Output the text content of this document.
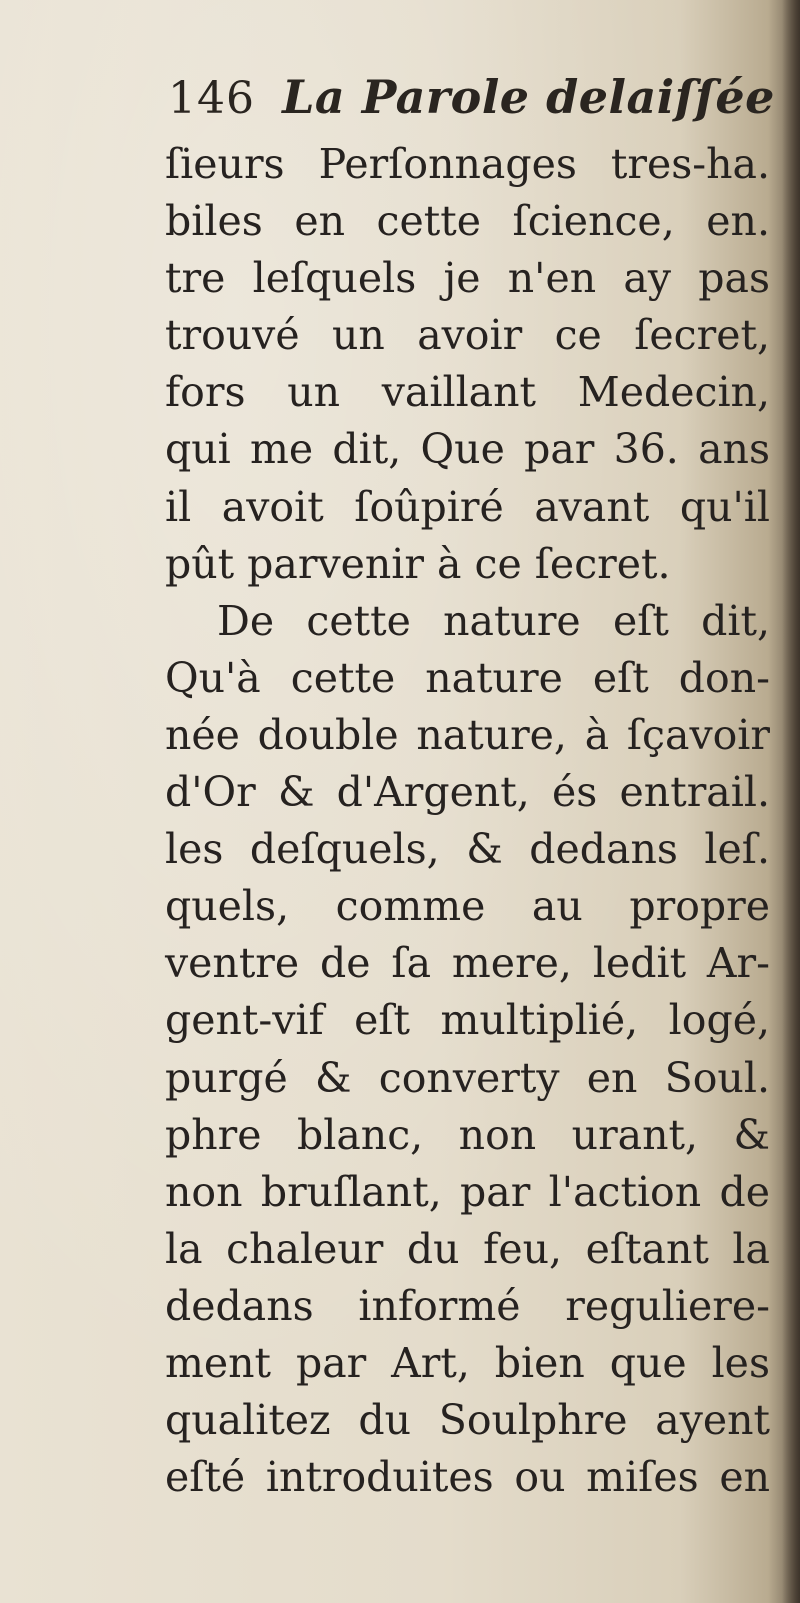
146 La Parole delaiſſée
ſieurs Perſonnages tres-ha.
biles en cette ſcience, en.
tre leſquels je n'en ay pas
trouvé un avoir ce ſecret,
fors un vaillant Medecin,
qui me dit, Que par 36. ans
il avoit ſoûpiré avant qu'il
pût parvenir à ce ſecret.
De cette nature eſt dit,
Qu'à cette nature eſt don-
née double nature, à ſçavoir
d'Or & d'Argent, és entrail.
les deſquels, & dedans leſ.
quels, comme au propre
ventre de ſa mere, ledit Ar-
gent-vif eſt multiplié, logé,
purgé & converty en Soul.
phre blanc, non urant, &
non bruſlant, par l'action de
la chaleur du feu, eſtant la
dedans informé reguliere-
ment par Art, bien que les
qualitez du Soulphre ayent
eſté introduites ou miſes en
